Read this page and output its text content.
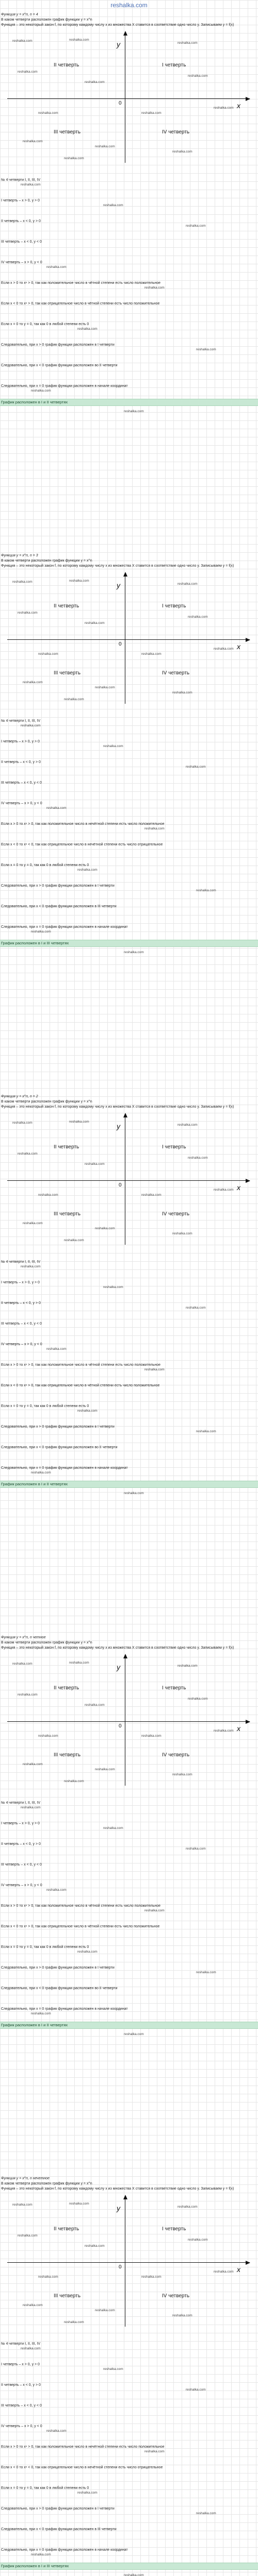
reshalka.com
Функция y = x^n, n = 4
В каком четверти расположен график функции y = x^n
Функция – это некоторый закон f, по которому каждому числу x из множества X ставится в соответствие одно число y. Записываем y = f(x)
y
x
0
II четверть	I четверть
III четверть	IV четверть
reshalka.com	reshalka.com
reshalka.com
reshalka.com
reshalka.com
reshalka.com
reshalka.com	reshalka.com
reshalka.com
reshalka.com
reshalka.com
reshalka.com
reshalka.com
№ 4 четверти I, II, III, IV
I четверть – x > 0, y > 0
II четверть – x < 0, y > 0
III четверть – x < 0, y < 0
IV четверть – x > 0, y < 0
Если x > 0 то xⁿ > 0, так как положительное число в чётной степени есть число положительное
Если x < 0 то xⁿ > 0, так как отрицательное число в чётной степени есть число положительное
Если x = 0 то y = 0, так как 0 в любой степени есть 0
Следовательно, при x > 0 график функции расположен в I четверти
Следовательно, при x < 0 график функции расположен во II четверти
Следовательно, при x = 0 график функции расположен в начале координат
График расположен в I и II четвертях
reshalka.com
reshalka.com
reshalka.com
reshalka.com
reshalka.com
reshalka.com
reshalka.com
reshalka.com
reshalka.com
Функция y = x^n, n = 3
В каком четверти расположен график функции y = x^n
Функция – это некоторый закон f, по которому каждому числу x из множества X ставится в соответствие одно число y. Записываем y = f(x)
y
x
0
II четверть	I четверть
III четверть	IV четверть
reshalka.com	reshalka.com
reshalka.com
reshalka.com
reshalka.com
reshalka.com
reshalka.com	reshalka.com
reshalka.com
reshalka.com
reshalka.com
reshalka.com
reshalka.com
№ 4 четверти I, II, III, IV
I четверть – x > 0, y > 0
II четверть – x < 0, y > 0
III четверть – x < 0, y < 0
IV четверть – x > 0, y < 0
Если x > 0 то xⁿ > 0, так как положительное число в нечётной степени есть число положительное
Если x < 0 то xⁿ < 0, так как отрицательное число в нечётной степени есть число отрицательное
Если x = 0 то y = 0, так как 0 в любой степени есть 0
Следовательно, при x > 0 график функции расположен в I четверти
Следовательно, при x < 0 график функции расположен в III четверти
Следовательно, при x = 0 график функции расположен в начале координат
График расположен в I и III четвертях
reshalka.com
reshalka.com
reshalka.com
reshalka.com
reshalka.com
reshalka.com
reshalka.com
reshalka.com
reshalka.com
Функция y = x^n, n = 2
В каком четверти расположен график функции y = x^n
Функция – это некоторый закон f, по которому каждому числу x из множества X ставится в соответствие одно число y. Записываем y = f(x)
y
x
0
II четверть	I четверть
III четверть	IV четверть
reshalka.com	reshalka.com
reshalka.com
reshalka.com
reshalka.com
reshalka.com
reshalka.com	reshalka.com
reshalka.com
reshalka.com
reshalka.com
reshalka.com
reshalka.com
№ 4 четверти I, II, III, IV
I четверть – x > 0, y > 0
II четверть – x < 0, y > 0
III четверть – x < 0, y < 0
IV четверть – x > 0, y < 0
Если x > 0 то xⁿ > 0, так как положительное число в чётной степени есть число положительное
Если x < 0 то xⁿ > 0, так как отрицательное число в чётной степени есть число положительное
Если x = 0 то y = 0, так как 0 в любой степени есть 0
Следовательно, при x > 0 график функции расположен в I четверти
Следовательно, при x < 0 график функции расположен во II четверти
Следовательно, при x = 0 график функции расположен в начале координат
График расположен в I и II четвертях
reshalka.com
reshalka.com
reshalka.com
reshalka.com
reshalka.com
reshalka.com
reshalka.com
reshalka.com
reshalka.com
Функция y = x^n, n четное
В каком четверти расположен график функции y = x^n
Функция – это некоторый закон f, по которому каждому числу x из множества X ставится в соответствие одно число y. Записываем y = f(x)
y
x
0
II четверть	I четверть
III четверть	IV четверть
reshalka.com	reshalka.com
reshalka.com
reshalka.com
reshalka.com
reshalka.com
reshalka.com	reshalka.com
reshalka.com
reshalka.com
reshalka.com
reshalka.com
reshalka.com
№ 4 четверти I, II, III, IV
I четверть – x > 0, y > 0
II четверть – x < 0, y > 0
III четверть – x < 0, y < 0
IV четверть – x > 0, y < 0
Если x > 0 то xⁿ > 0, так как положительное число в чётной степени есть число положительное
Если x < 0 то xⁿ > 0, так как отрицательное число в чётной степени есть число положительное
Если x = 0 то y = 0, так как 0 в любой степени есть 0
Следовательно, при x > 0 график функции расположен в I четверти
Следовательно, при x < 0 график функции расположен во II четверти
Следовательно, при x = 0 график функции расположен в начале координат
График расположен в I и II четвертях
reshalka.com
reshalka.com
reshalka.com
reshalka.com
reshalka.com
reshalka.com
reshalka.com
reshalka.com
reshalka.com
Функция y = x^n, n нечетное
В каком четверти расположен график функции y = x^n
Функция – это некоторый закон f, по которому каждому числу x из множества X ставится в соответствие одно число y. Записываем y = f(x)
y
x
0
II четверть	I четверть
III четверть	IV четверть
reshalka.com	reshalka.com
reshalka.com
reshalka.com
reshalka.com
reshalka.com
reshalka.com	reshalka.com
reshalka.com
reshalka.com
reshalka.com
reshalka.com
reshalka.com
№ 4 четверти I, II, III, IV
I четверть – x > 0, y > 0
II четверть – x < 0, y > 0
III четверть – x < 0, y < 0
IV четверть – x > 0, y < 0
Если x > 0 то xⁿ > 0, так как положительное число в нечётной степени есть число положительное
Если x < 0 то xⁿ < 0, так как отрицательное число в нечётной степени есть число отрицательное
Если x = 0 то y = 0, так как 0 в любой степени есть 0
Следовательно, при x > 0 график функции расположен в I четверти
Следовательно, при x < 0 график функции расположен в III четверти
Следовательно, при x = 0 график функции расположен в начале координат
График расположен в I и III четвертях
reshalka.com
reshalka.com
reshalka.com
reshalka.com
reshalka.com
reshalka.com
reshalka.com
reshalka.com
reshalka.com
